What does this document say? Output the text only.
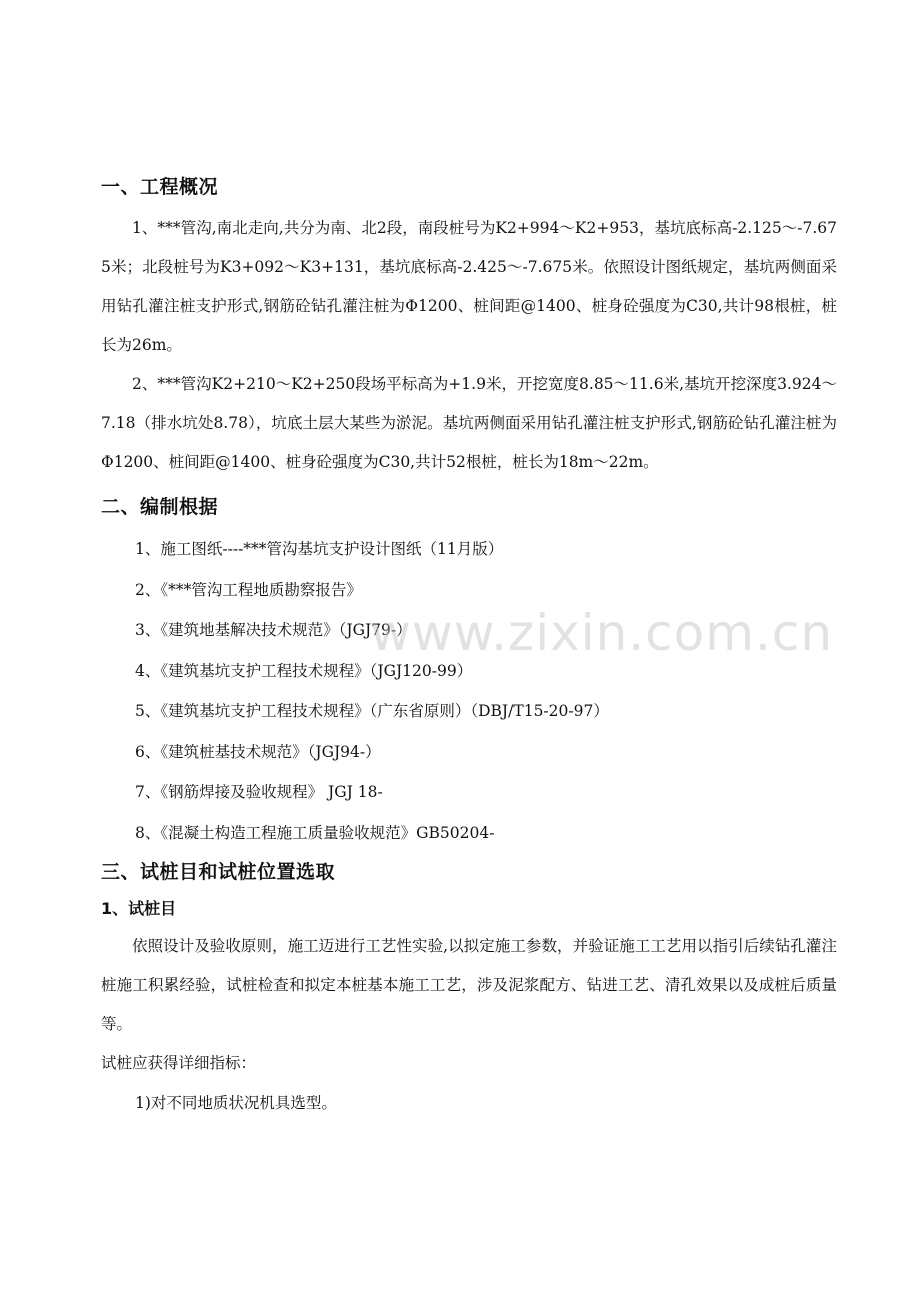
一、工程概况

1、***管沟,南北走向,共分为南、北2段，南段桩号为K2+994～K2+953，基坑底标高-2.125～-7.675米；北段桩号为K3+092～K3+131，基坑底标高-2.425～-7.675米。依照设计图纸规定，基坑两侧面采用钻孔灌注桩支护形式,钢筋砼钻孔灌注桩为Φ1200、桩间距@1400、桩身砼强度为C30,共计98根桩，桩长为26m。

2、***管沟K2+210～K2+250段场平标高为+1.9米，开挖宽度8.85～11.6米,基坑开挖深度3.924～7.18（排水坑处8.78），坑底土层大某些为淤泥。基坑两侧面采用钻孔灌注桩支护形式,钢筋砼钻孔灌注桩为Φ1200、桩间距@1400、桩身砼强度为C30,共计52根桩，桩长为18m～22m。

二、编制根据
1、施工图纸----***管沟基坑支护设计图纸（11月版）
2、《***管沟工程地质勘察报告》
3、《建筑地基解决技术规范》（JGJ79-）
4、《建筑基坑支护工程技术规程》（JGJ120-99）
5、《建筑基坑支护工程技术规程》（广东省原则）（DBJ/T15-20-97）
6、《建筑桩基技术规范》（JGJ94-）
7、《钢筋焊接及验收规程》 JGJ 18-
8、《混凝土构造工程施工质量验收规范》GB50204-
三、试桩目和试桩位置选取
1、试桩目

依照设计及验收原则，施工迈进行工艺性实验,以拟定施工参数，并验证施工工艺用以指引后续钻孔灌注桩施工积累经验，试桩检查和拟定本桩基本施工工艺，涉及泥浆配方、钻进工艺、清孔效果以及成桩后质量等。

试桩应获得详细指标：

1)对不同地质状况机具选型。
www.zixin.com.cn
